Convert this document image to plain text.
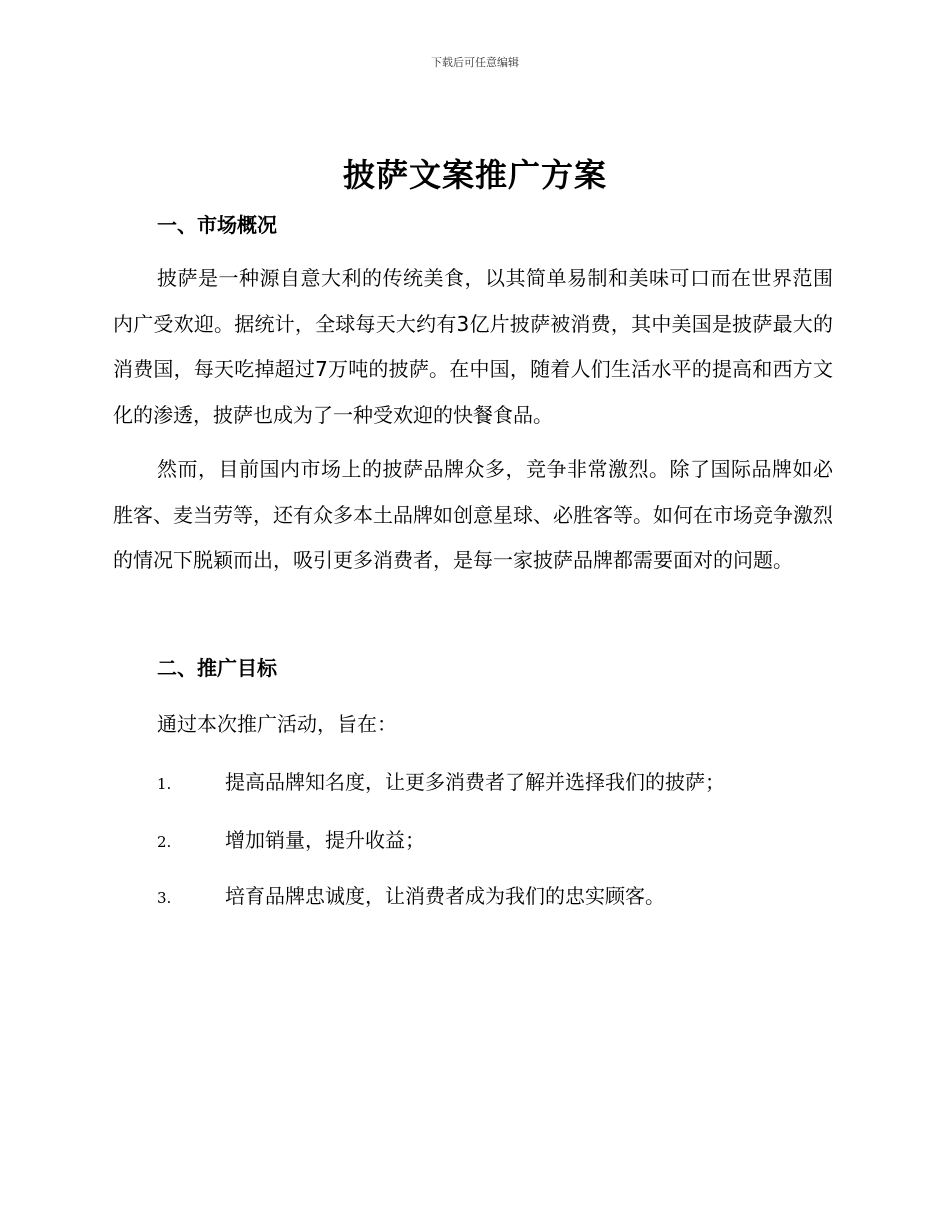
下载后可任意编辑
披萨文案推广方案
一、市场概况

披萨是一种源自意大利的传统美食，以其简单易制和美味可口而在世界范围内广受欢迎。据统计，全球每天大约有3亿片披萨被消费，其中美国是披萨最大的消费国，每天吃掉超过7万吨的披萨。在中国，随着人们生活水平的提高和西方文化的渗透，披萨也成为了一种受欢迎的快餐食品。

然而，目前国内市场上的披萨品牌众多，竞争非常激烈。除了国际品牌如必胜客、麦当劳等，还有众多本土品牌如创意星球、必胜客等。如何在市场竞争激烈的情况下脱颖而出，吸引更多消费者，是每一家披萨品牌都需要面对的问题。

二、推广目标
通过本次推广活动，旨在：
1.	提高品牌知名度，让更多消费者了解并选择我们的披萨；
2.	增加销量，提升收益；
3.	培育品牌忠诚度，让消费者成为我们的忠实顾客。
